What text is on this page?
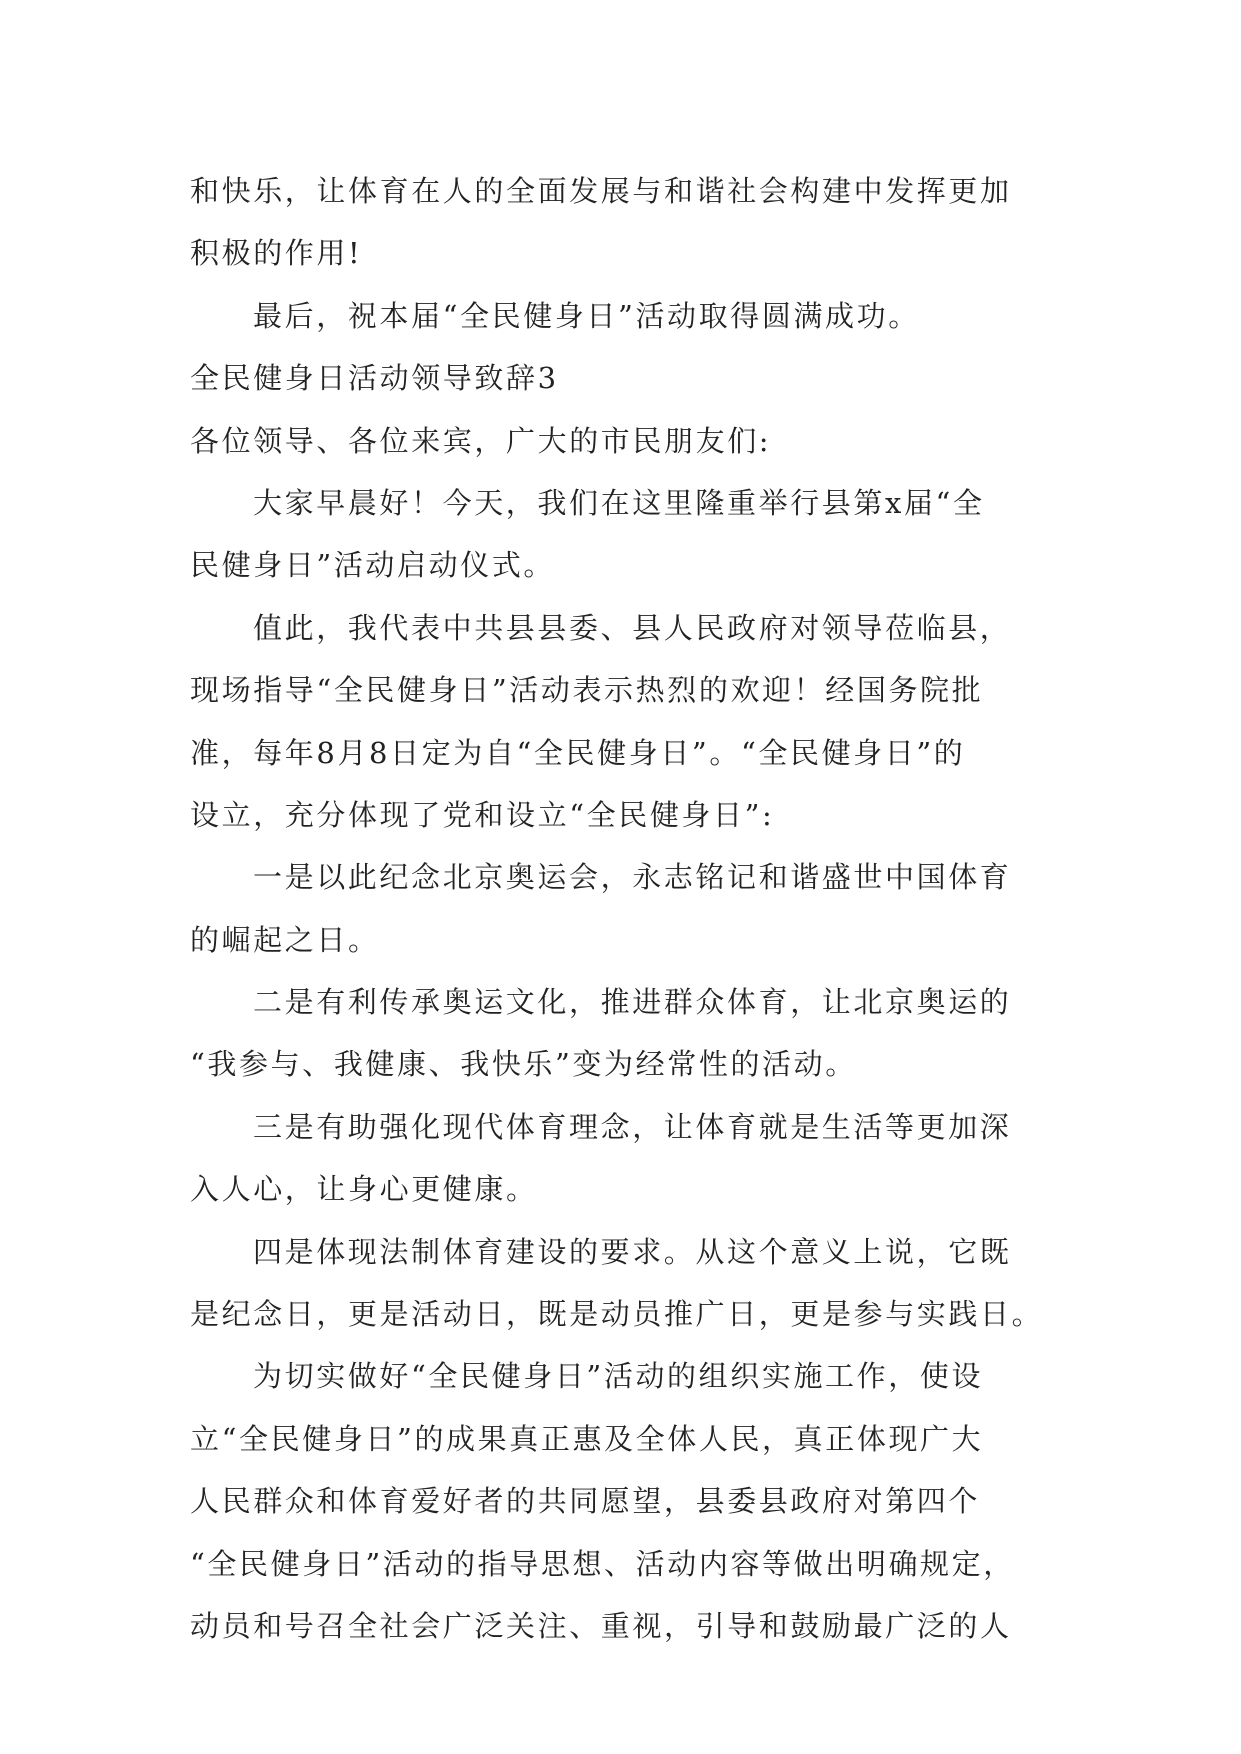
和快乐，让体育在人的全面发展与和谐社会构建中发挥更加
积极的作用!
最后，祝本届“全民健身日”活动取得圆满成功。
全民健身日活动领导致辞3
各位领导、各位来宾，广大的市民朋友们:
大家早晨好！今天，我们在这里隆重举行县第x届“全
民健身日”活动启动仪式。
值此，我代表中共县县委、县人民政府对领导莅临县，
现场指导“全民健身日”活动表示热烈的欢迎！经国务院批
准，每年8月8日定为自“全民健身日”。“全民健身日”的
设立，充分体现了党和设立“全民健身日”:
一是以此纪念北京奥运会，永志铭记和谐盛世中国体育
的崛起之日。
二是有利传承奥运文化，推进群众体育，让北京奥运的
“我参与、我健康、我快乐”变为经常性的活动。
三是有助强化现代体育理念，让体育就是生活等更加深
入人心，让身心更健康。
四是体现法制体育建设的要求。从这个意义上说，它既
是纪念日，更是活动日，既是动员推广日，更是参与实践日。
为切实做好“全民健身日”活动的组织实施工作，使设
立“全民健身日”的成果真正惠及全体人民，真正体现广大
人民群众和体育爱好者的共同愿望，县委县政府对第四个
“全民健身日”活动的指导思想、活动内容等做出明确规定，
动员和号召全社会广泛关注、重视，引导和鼓励最广泛的人
